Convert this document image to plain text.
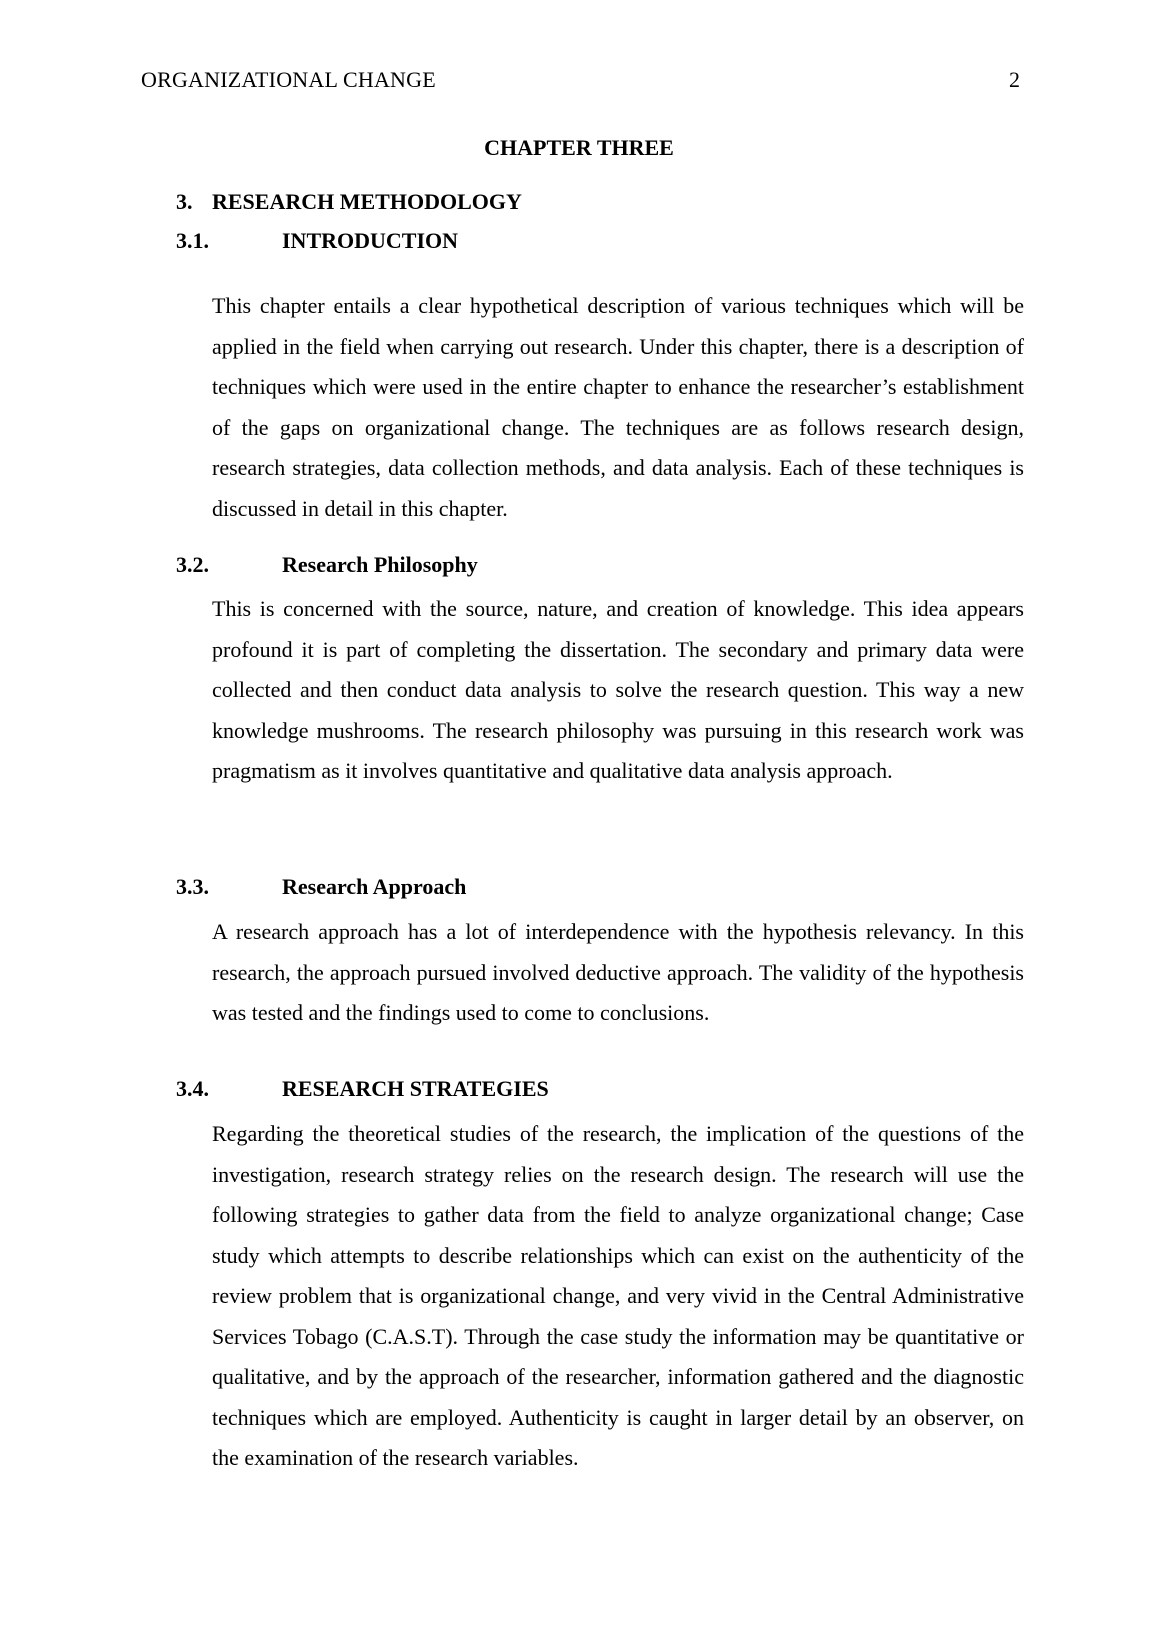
ORGANIZATIONAL CHANGE	2
CHAPTER THREE
3. RESEARCH METHODOLOGY
3.1.	INTRODUCTION

This chapter entails a clear hypothetical description of various techniques which will be applied in the field when carrying out research. Under this chapter, there is a description of techniques which were used in the entire chapter to enhance the researcher’s establishment of the gaps on organizational change. The techniques are as follows research design, research strategies, data collection methods, and data analysis. Each of these techniques is discussed in detail in this chapter.

3.2.	Research Philosophy

This is concerned with the source, nature, and creation of knowledge. This idea appears profound it is part of completing the dissertation. The secondary and primary data were collected and then conduct data analysis to solve the research question. This way a new knowledge mushrooms. The research philosophy was pursuing in this research work was pragmatism as it involves quantitative and qualitative data analysis approach.

3.3.	Research Approach

A research approach has a lot of interdependence with the hypothesis relevancy. In this research, the approach pursued involved deductive approach. The validity of the hypothesis was tested and the findings used to come to conclusions.

3.4.	RESEARCH STRATEGIES

Regarding the theoretical studies of the research, the implication of the questions of the investigation, research strategy relies on the research design. The research will use the following strategies to gather data from the field to analyze organizational change; Case study which attempts to describe relationships which can exist on the authenticity of the review problem that is organizational change, and very vivid in the Central Administrative Services Tobago (C.A.S.T). Through the case study the information may be quantitative or qualitative, and by the approach of the researcher, information gathered and the diagnostic techniques which are employed. Authenticity is caught in larger detail by an observer, on the examination of the research variables.
